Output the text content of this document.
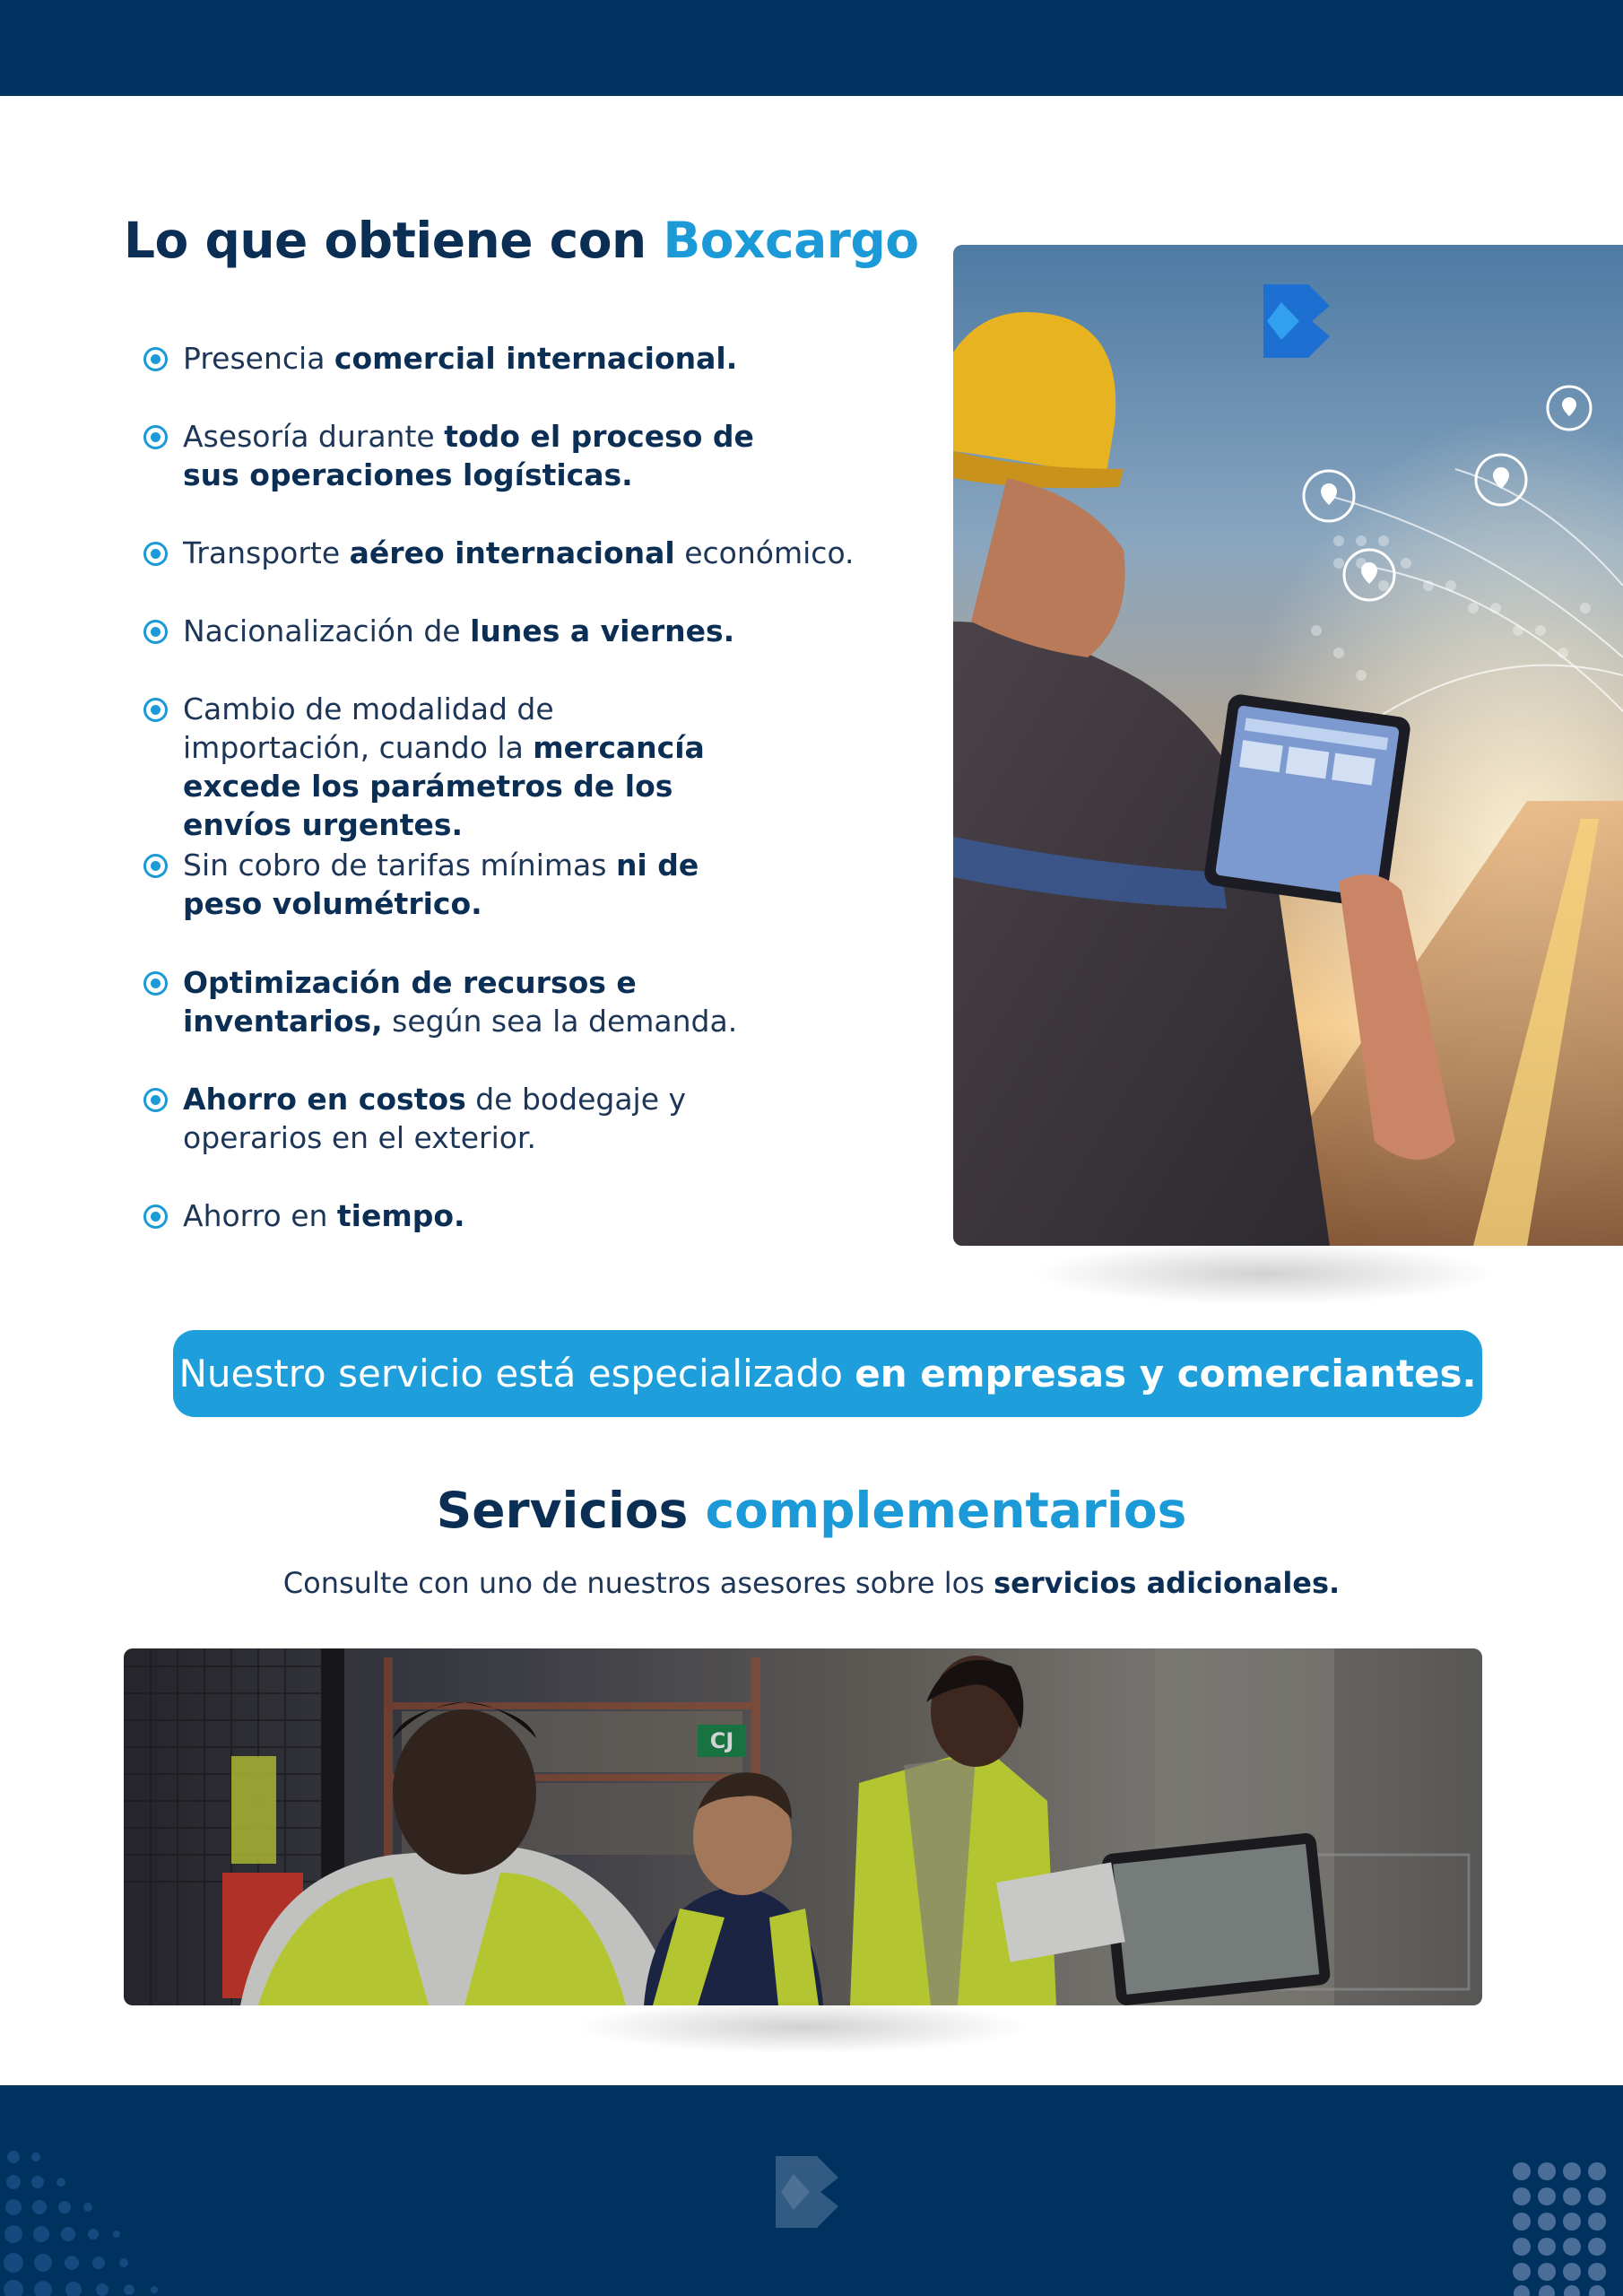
Lo que obtiene con Boxcargo
Presencia comercial internacional.
Asesoría durante todo el proceso de sus operaciones logísticas.
Transporte aéreo internacional económico.
Nacionalización de lunes a viernes.
Cambio de modalidad de importación, cuando la mercancía excede los parámetros de los envíos urgentes.
Sin cobro de tarifas mínimas ni de peso volumétrico.
Optimización de recursos e inventarios, según sea la demanda.
Ahorro en costos de bodegaje y operarios en el exterior.
Ahorro en tiempo.
Nuestro servicio está especializado en empresas y comerciantes.
Servicios complementarios
Consulte con uno de nuestros asesores sobre los servicios adicionales.
CJ
